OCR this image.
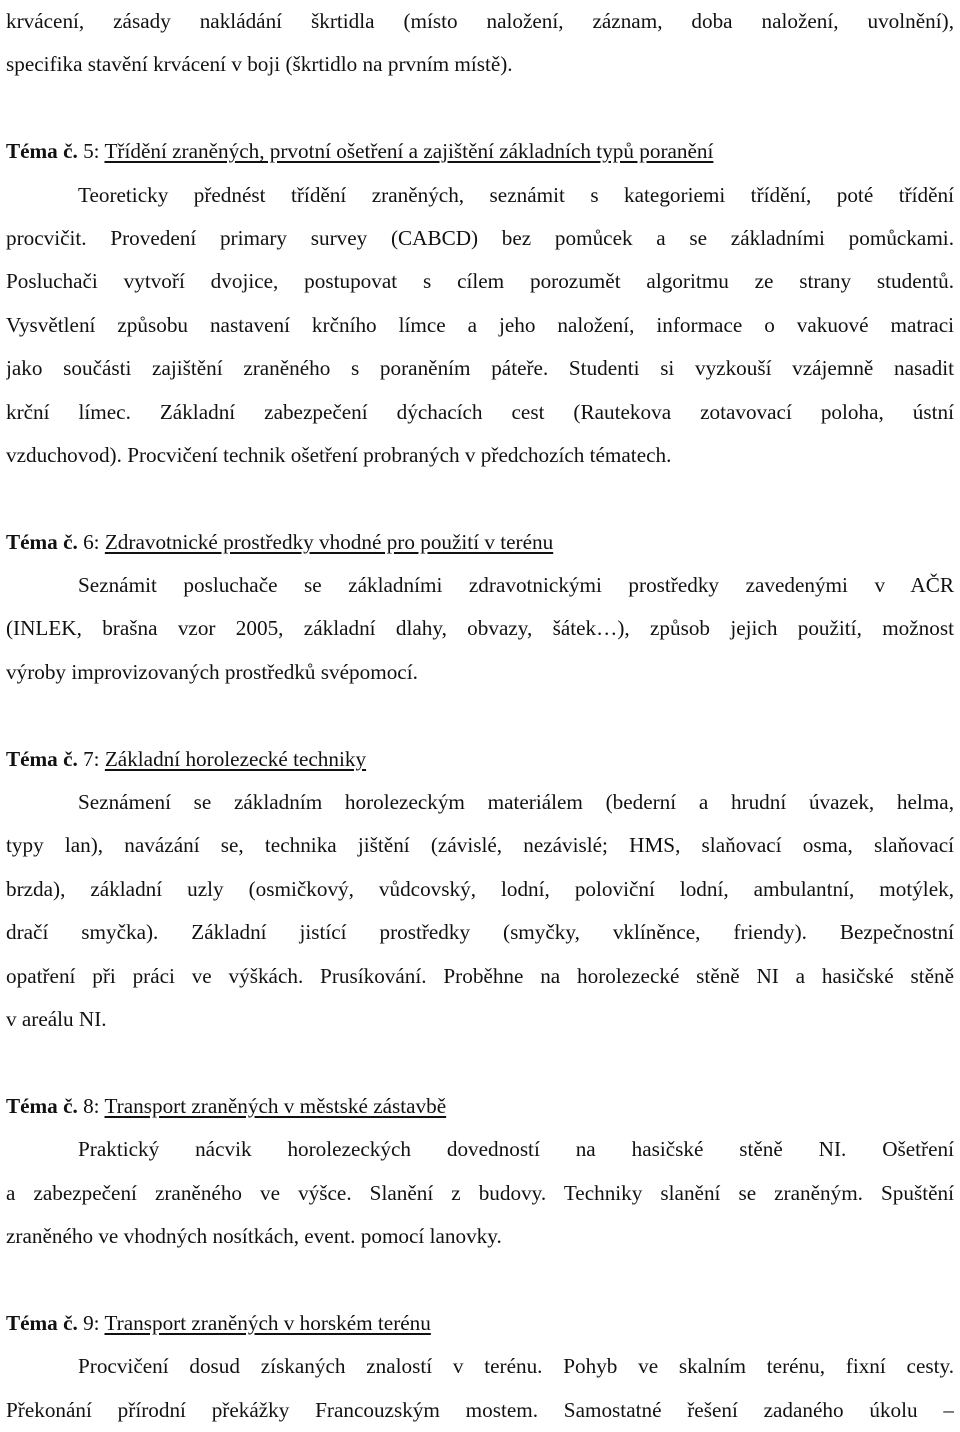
krvácení, zásady nakládání škrtidla (místo naložení, záznam, doba naložení, uvolnění),
specifika stavění krvácení v boji (škrtidlo na prvním místě).
Téma č. 5: Třídění zraněných, prvotní ošetření a zajištění základních typů poranění
Teoreticky přednést třídění zraněných, seznámit s kategoriemi třídění, poté třídění
procvičit. Provedení primary survey (CABCD) bez pomůcek a se základními pomůckami.
Posluchači vytvoří dvojice, postupovat s cílem porozumět algoritmu ze strany studentů.
Vysvětlení způsobu nastavení krčního límce a jeho naložení, informace o vakuové matraci
jako součásti zajištění zraněného s poraněním páteře. Studenti si vyzkouší vzájemně nasadit
krční límec. Základní zabezpečení dýchacích cest (Rautekova zotavovací poloha, ústní
vzduchovod). Procvičení technik ošetření probraných v předchozích tématech.
Téma č. 6: Zdravotnické prostředky vhodné pro použití v terénu
Seznámit posluchače se základními zdravotnickými prostředky zavedenými v AČR
(INLEK, brašna vzor 2005, základní dlahy, obvazy, šátek…), způsob jejich použití, možnost
výroby improvizovaných prostředků svépomocí.
Téma č. 7: Základní horolezecké techniky
Seznámení se základním horolezeckým materiálem (bederní a hrudní úvazek, helma,
typy lan), navázání se, technika jištění (závislé, nezávislé; HMS, slaňovací osma, slaňovací
brzda), základní uzly (osmičkový, vůdcovský, lodní, poloviční lodní, ambulantní, motýlek,
dračí smyčka). Základní jistící prostředky (smyčky, vklíněnce, friendy). Bezpečnostní
opatření při práci ve výškách. Prusíkování. Proběhne na horolezecké stěně NI a hasičské stěně
v areálu NI.
Téma č. 8: Transport zraněných v městské zástavbě
Praktický nácvik horolezeckých dovedností na hasičské stěně NI. Ošetření
a zabezpečení zraněného ve výšce. Slanění z budovy. Techniky slanění se zraněným. Spuštění
zraněného ve vhodných nosítkách, event. pomocí lanovky.
Téma č. 9: Transport zraněných v horském terénu
Procvičení dosud získaných znalostí v terénu. Pohyb ve skalním terénu, fixní cesty.
Překonání přírodní překážky Francouzským mostem. Samostatné řešení zadaného úkolu –
